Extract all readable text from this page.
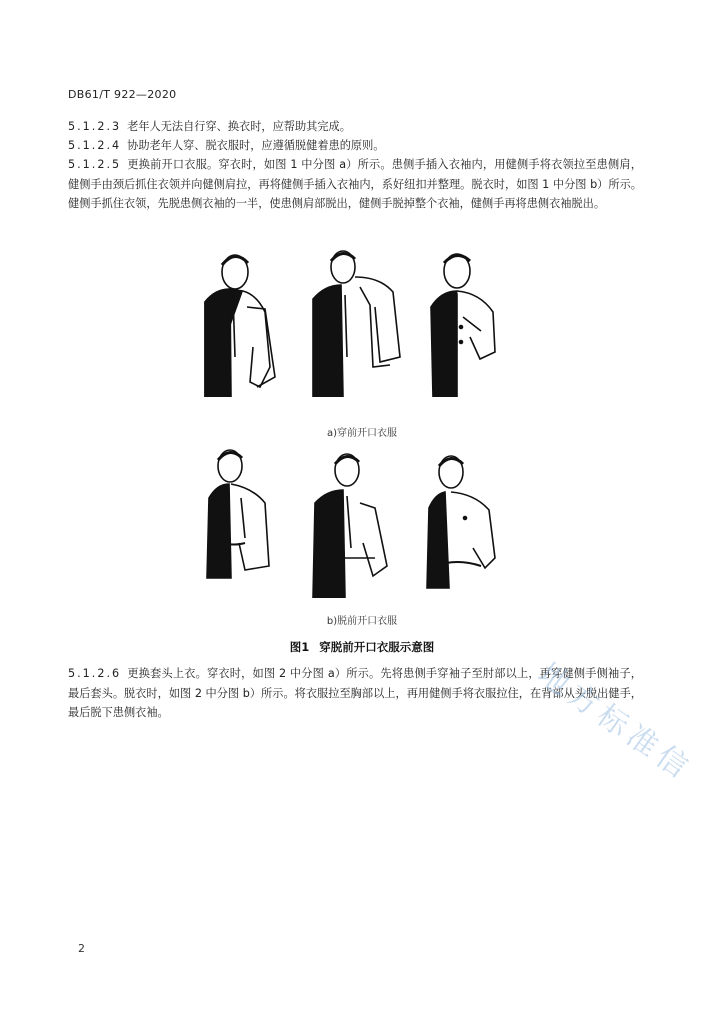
DB61/T 922—2020
5.1.2.3 老年人无法自行穿、换衣时，应帮助其完成。
5.1.2.4 协助老年人穿、脱衣服时，应遵循脱健着患的原则。
5.1.2.5 更换前开口衣服。穿衣时，如图 1 中分图 a）所示。患侧手插入衣袖内，用健侧手将衣领拉至患侧肩，健侧手由颈后抓住衣领并向健侧肩拉，再将健侧手插入衣袖内，系好纽扣并整理。脱衣时，如图 1 中分图 b）所示。健侧手抓住衣领，先脱患侧衣袖的一半，使患侧肩部脱出，健侧手脱掉整个衣袖，健侧手再将患侧衣袖脱出。
a)穿前开口衣服
b)脱前开口衣服
图1 穿脱前开口衣服示意图
5.1.2.6 更换套头上衣。穿衣时，如图 2 中分图 a）所示。先将患侧手穿袖子至肘部以上，再穿健侧手侧袖子，最后套头。脱衣时，如图 2 中分图 b）所示。将衣服拉至胸部以上，再用健侧手将衣服拉住，在背部从头脱出健手，最后脱下患侧衣袖。	地方标准信
2
